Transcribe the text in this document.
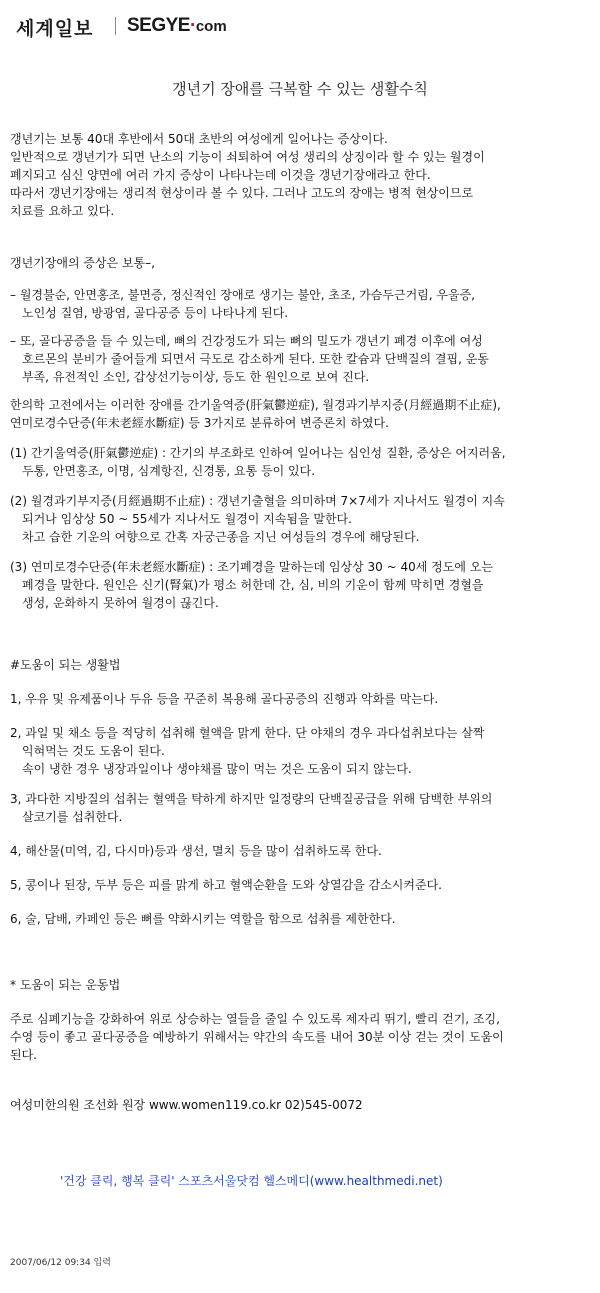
세계일보 SEGYE·com
갱년기 장애를 극복할 수 있는 생활수칙

갱년기는 보통 40대 후반에서 50대 초반의 여성에게 일어나는 증상이다.

일반적으로 갱년기가 되면 난소의 기능이 쇠퇴하여 여성 생리의 상징이라 할 수 있는 월경이

폐지되고 심신 양면에 여러 가지 증상이 나타나는데 이것을 갱년기장애라고 한다.

따라서 갱년기장애는 생리적 현상이라 볼 수 있다. 그러나 고도의 장애는 병적 현상이므로

치료를 요하고 있다.

갱년기장애의 증상은 보통–,

– 월경불순, 안면홍조, 불면증, 정신적인 장애로 생기는 불안, 초조, 가슴두근거림, 우울증,

노인성 질염, 방광염, 골다공증 등이 나타나게 된다.

– 또, 골다공증을 들 수 있는데, 뼈의 건강정도가 되는 뼈의 밀도가 갱년기 폐경 이후에 여성

호르몬의 분비가 줄어들게 되면서 극도로 감소하게 된다. 또한 칼슘과 단백질의 결핍, 운동

부족, 유전적인 소인, 갑상선기능이상, 등도 한 원인으로 보여 진다.

한의학 고전에서는 이러한 장애를 간기울역증(肝氣鬱逆症), 월경과기부지증(月經過期不止症),

연미로경수단증(年未老經水斷症) 등 3가지로 분류하여 변증론치 하였다.

(1) 간기울역증(肝氣鬱逆症) : 간기의 부조화로 인하여 일어나는 심인성 질환, 증상은 어지러움,

두통, 안면홍조, 이명, 심계항진, 신경통, 요통 등이 있다.

(2) 월경과기부지증(月經過期不止症) : 갱년기출혈을 의미하며 7×7세가 지나서도 월경이 지속

되거나 임상상 50 ~ 55세가 지나서도 월경이 지속됨을 말한다.

차고 습한 기운의 여향으로 간혹 자궁근종을 지닌 여성들의 경우에 해당된다.

(3) 연미로경수단증(年未老經水斷症) : 조기폐경을 말하는데 임상상 30 ~ 40세 정도에 오는

폐경을 말한다. 원인은 신기(腎氣)가 평소 허한데 간, 심, 비의 기운이 함께 막히면 경혈을

생성, 운화하지 못하여 월경이 끊긴다.

#도움이 되는 생활법

1, 우유 및 유제품이나 두유 등을 꾸준히 복용해 골다공증의 진행과 악화를 막는다.

2, 과일 및 채소 등을 적당히 섭취해 혈액을 맑게 한다. 단 야채의 경우 과다섭취보다는 살짝

익혀먹는 것도 도움이 된다.

속이 냉한 경우 냉장과일이나 생야채를 많이 먹는 것은 도움이 되지 않는다.

3, 과다한 지방질의 섭취는 혈액을 탁하게 하지만 일정량의 단백질공급을 위해 담백한 부위의

살코기를 섭취한다.

4, 해산물(미역, 김, 다시마)등과 생선, 멸치 등을 많이 섭취하도록 한다.

5, 콩이나 된장, 두부 등은 피를 맑게 하고 혈액순환을 도와 상열감을 감소시켜준다.

6, 술, 담배, 카페인 등은 뼈를 약화시키는 역할을 함으로 섭취를 제한한다.

* 도움이 되는 운동법

주로 심폐기능을 강화하여 위로 상승하는 열들을 줄일 수 있도록 제자리 뛰기, 빨리 걷기, 조깅,

수영 등이 좋고 골다공증을 예방하기 위해서는 약간의 속도를 내어 30분 이상 걷는 것이 도움이

된다.

여성미한의원 조선화 원장 www.women119.co.kr 02)545-0072
'건강 클릭, 행복 클릭' 스포츠서울닷컴 헬스메디(www.healthmedi.net)
2007/06/12 09:34 입력
